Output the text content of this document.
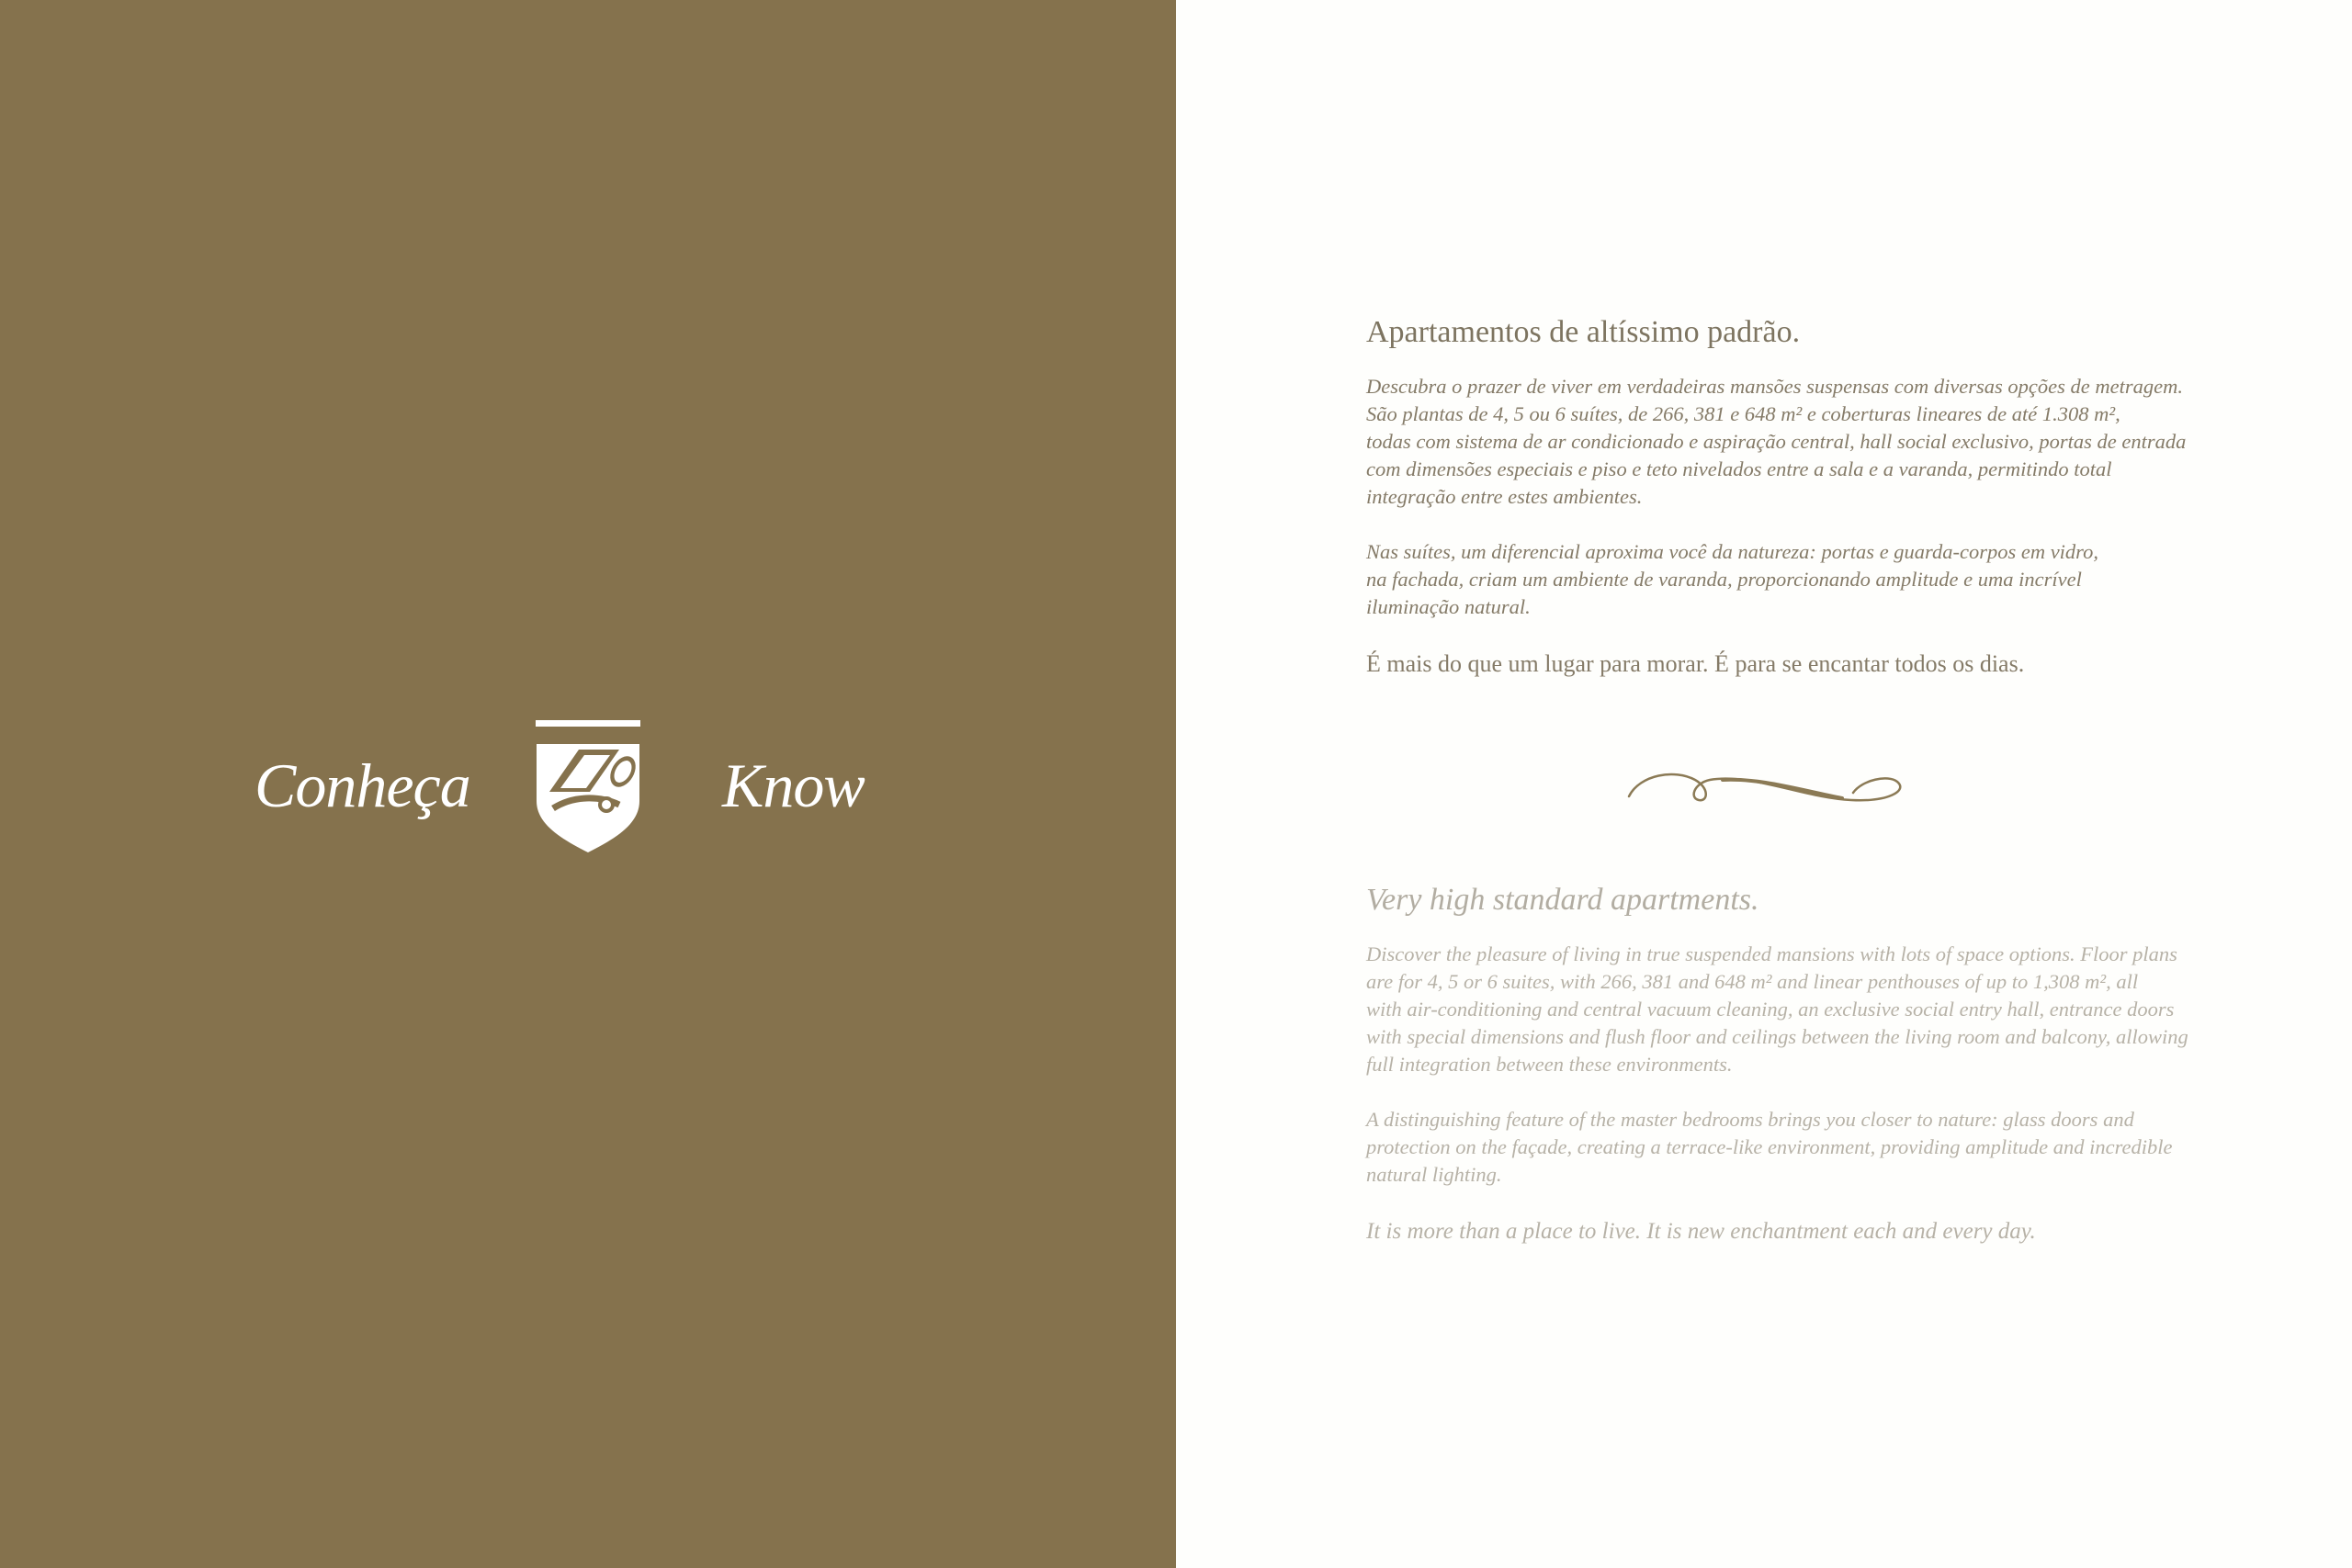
Conheça	Know
Apartamentos de altíssimo padrão.

Descubra o prazer de viver em verdadeiras mansões suspensas com diversas opções de metragem.
São plantas de 4, 5 ou 6 suítes, de 266, 381 e 648 m² e coberturas lineares de até 1.308 m²,
todas com sistema de ar condicionado e aspiração central, hall social exclusivo, portas de entrada
com dimensões especiais e piso e teto nivelados entre a sala e a varanda, permitindo total
integração entre estes ambientes.

Nas suítes, um diferencial aproxima você da natureza: portas e guarda-corpos em vidro,
na fachada, criam um ambiente de varanda, proporcionando amplitude e uma incrível
iluminação natural.

É mais do que um lugar para morar. É para se encantar todos os dias.

Very high standard apartments.

Discover the pleasure of living in true suspended mansions with lots of space options. Floor plans
are for 4, 5 or 6 suites, with 266, 381 and 648 m² and linear penthouses of up to 1,308 m², all
with air-conditioning and central vacuum cleaning, an exclusive social entry hall, entrance doors
with special dimensions and flush floor and ceilings between the living room and balcony, allowing
full integration between these environments.

A distinguishing feature of the master bedrooms brings you closer to nature: glass doors and
protection on the façade, creating a terrace-like environment, providing amplitude and incredible
natural lighting.

It is more than a place to live. It is new enchantment each and every day.
